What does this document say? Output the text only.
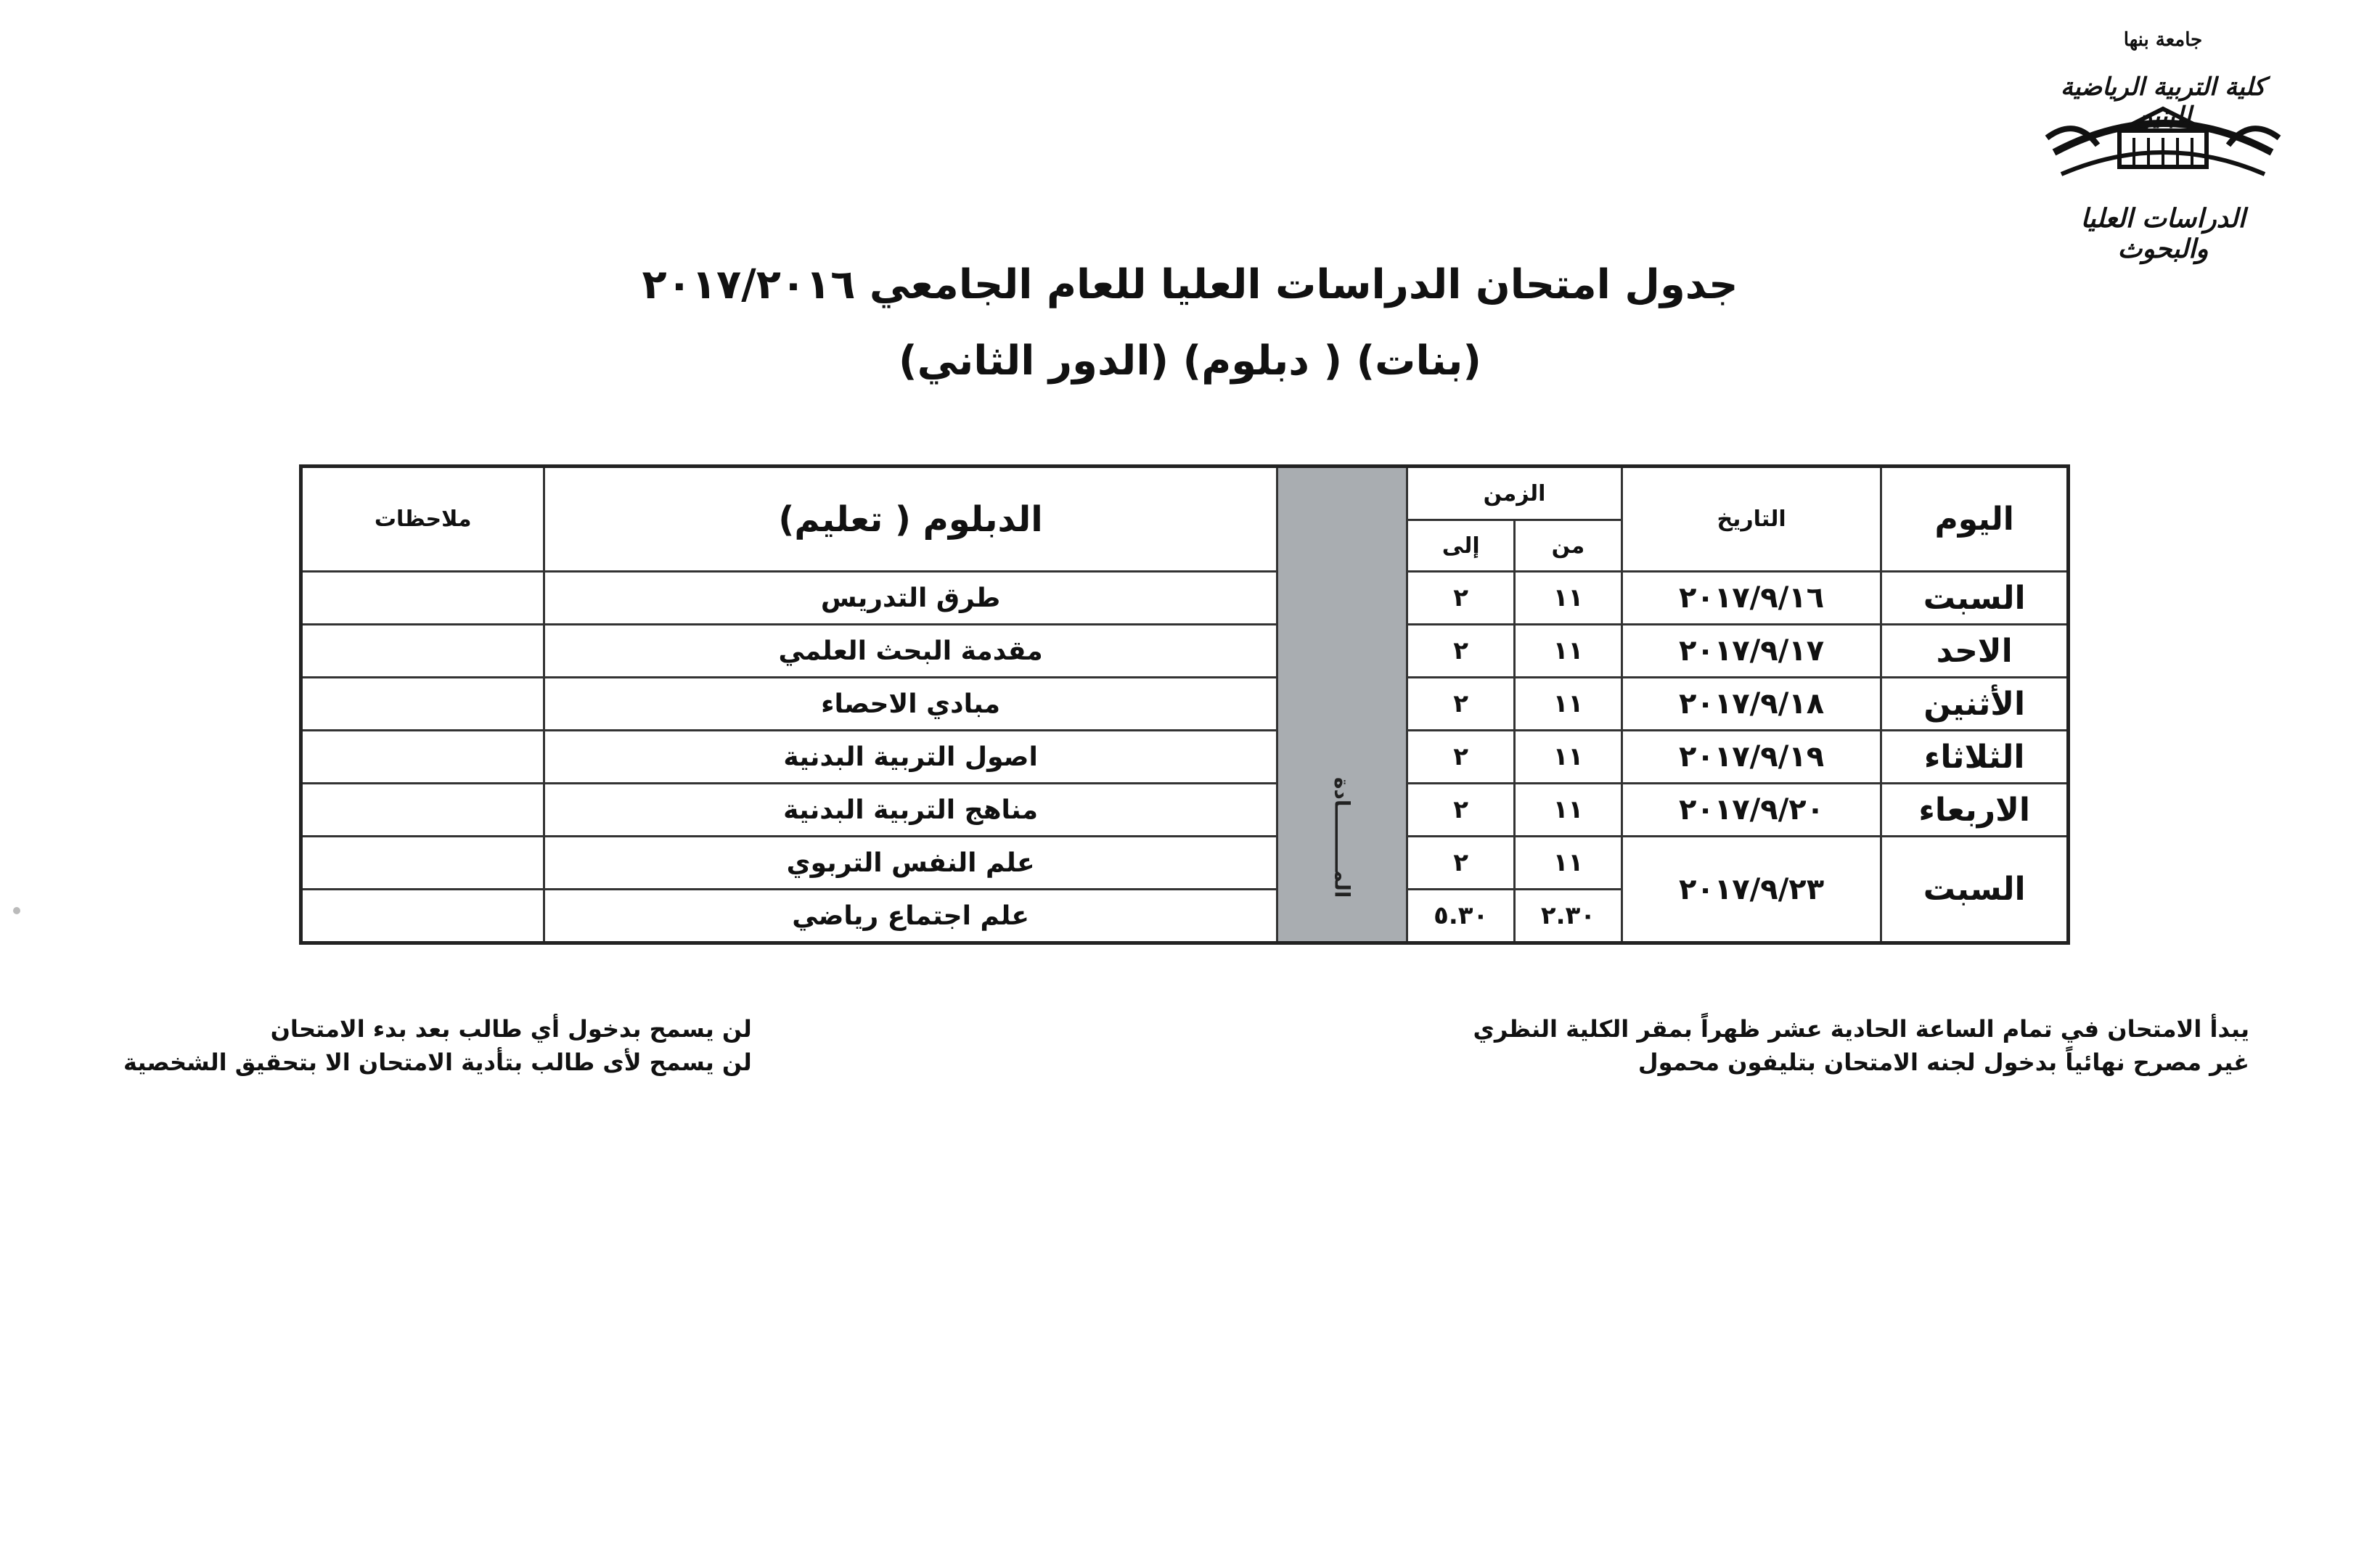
جامعة بنها
كلية التربية الرياضية للبنين
الدراسات العليا والبحوث
جدول امتحان الدراسات العليا للعام الجامعي ٢٠١٧/٢٠١٦
(بنات) ( دبلوم) (الدور الثاني)
اليوم	التاريخ	الزمن		المـــــــــادة	الدبلوم ( تعليم)	ملاحظات
		من	إلى			
السبت	٢٠١٧/٩/١٦	١١	٢		طرق التدريس	
الاحد	٢٠١٧/٩/١٧	١١	٢		مقدمة البحث العلمي	
الأثنين	٢٠١٧/٩/١٨	١١	٢		مبادي الاحصاء	
الثلاثاء	٢٠١٧/٩/١٩	١١	٢		اصول التربية البدنية	
الاربعاء	٢٠١٧/٩/٢٠	١١	٢		مناهج التربية البدنية	
السبت	٢٠١٧/٩/٢٣	١١	٢		علم النفس التربوي	
		٢.٣٠	٥.٣٠		علم اجتماع رياضي	
يبدأ الامتحان في تمام الساعة الحادية عشر ظهراً بمقر الكلية النظري
غير مصرح نهائياً بدخول لجنه الامتحان بتليفون محمول
لن يسمح بدخول أي طالب بعد بدء الامتحان
لن يسمح لأى طالب بتأدية الامتحان الا بتحقيق الشخصية
